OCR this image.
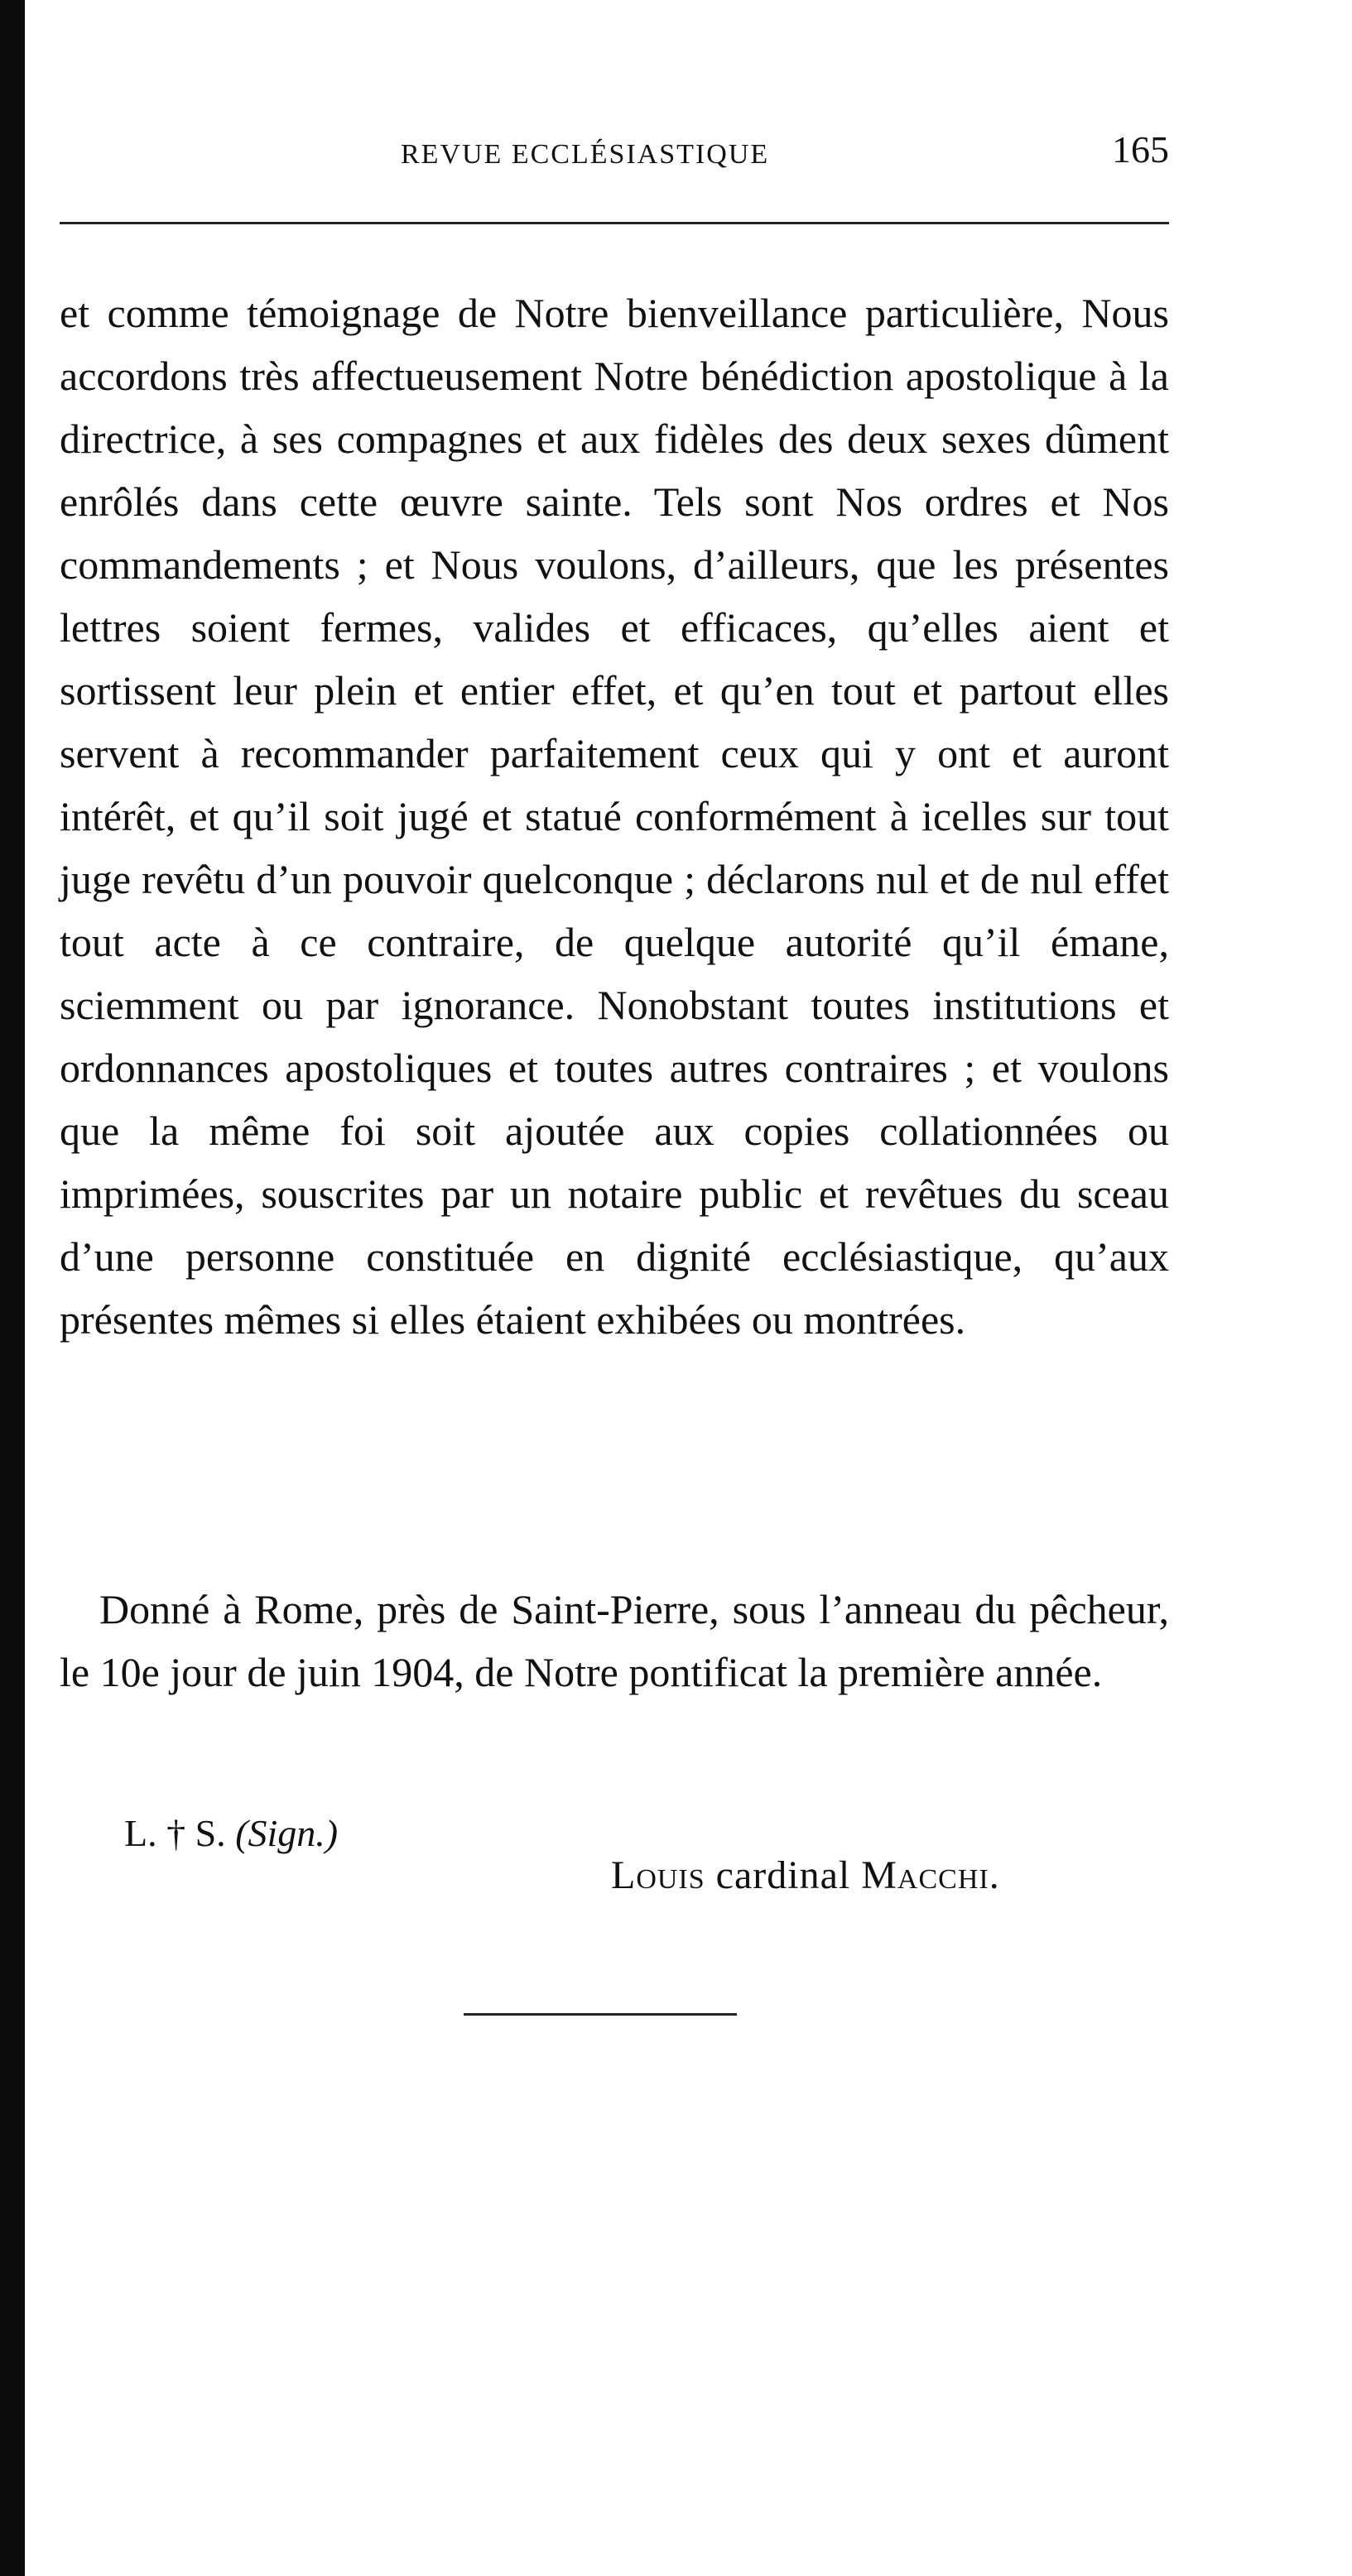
REVUE ECCLÉSIASTIQUE	165

et comme témoignage de Notre bienveillance particulière, Nous accordons très affectueusement Notre bénédiction apostolique à la directrice, à ses compagnes et aux fidèles des deux sexes dûment enrôlés dans cette œuvre sainte. Tels sont Nos ordres et Nos commandements ; et Nous voulons, d’ailleurs, que les présentes lettres soient fermes, valides et efficaces, qu’elles aient et sortissent leur plein et entier effet, et qu’en tout et partout elles servent à recommander parfaitement ceux qui y ont et auront intérêt, et qu’il soit jugé et statué conformément à icelles sur tout juge revêtu d’un pouvoir quelconque ; déclarons nul et de nul effet tout acte à ce contraire, de quelque autorité qu’il émane, sciemment ou par ignorance. Nonobstant toutes institutions et ordonnances apostoliques et toutes autres contraires ; et voulons que la même foi soit ajoutée aux copies collationnées ou imprimées, souscrites par un notaire public et revêtues du sceau d’une personne constituée en dignité ecclésiastique, qu’aux présentes mêmes si elles étaient exhibées ou montrées.

Donné à Rome, près de Saint-Pierre, sous l’anneau du pêcheur, le 10e jour de juin 1904, de Notre pontificat la première année.

L. † S. (Sign.)
Louis cardinal Macchi.
